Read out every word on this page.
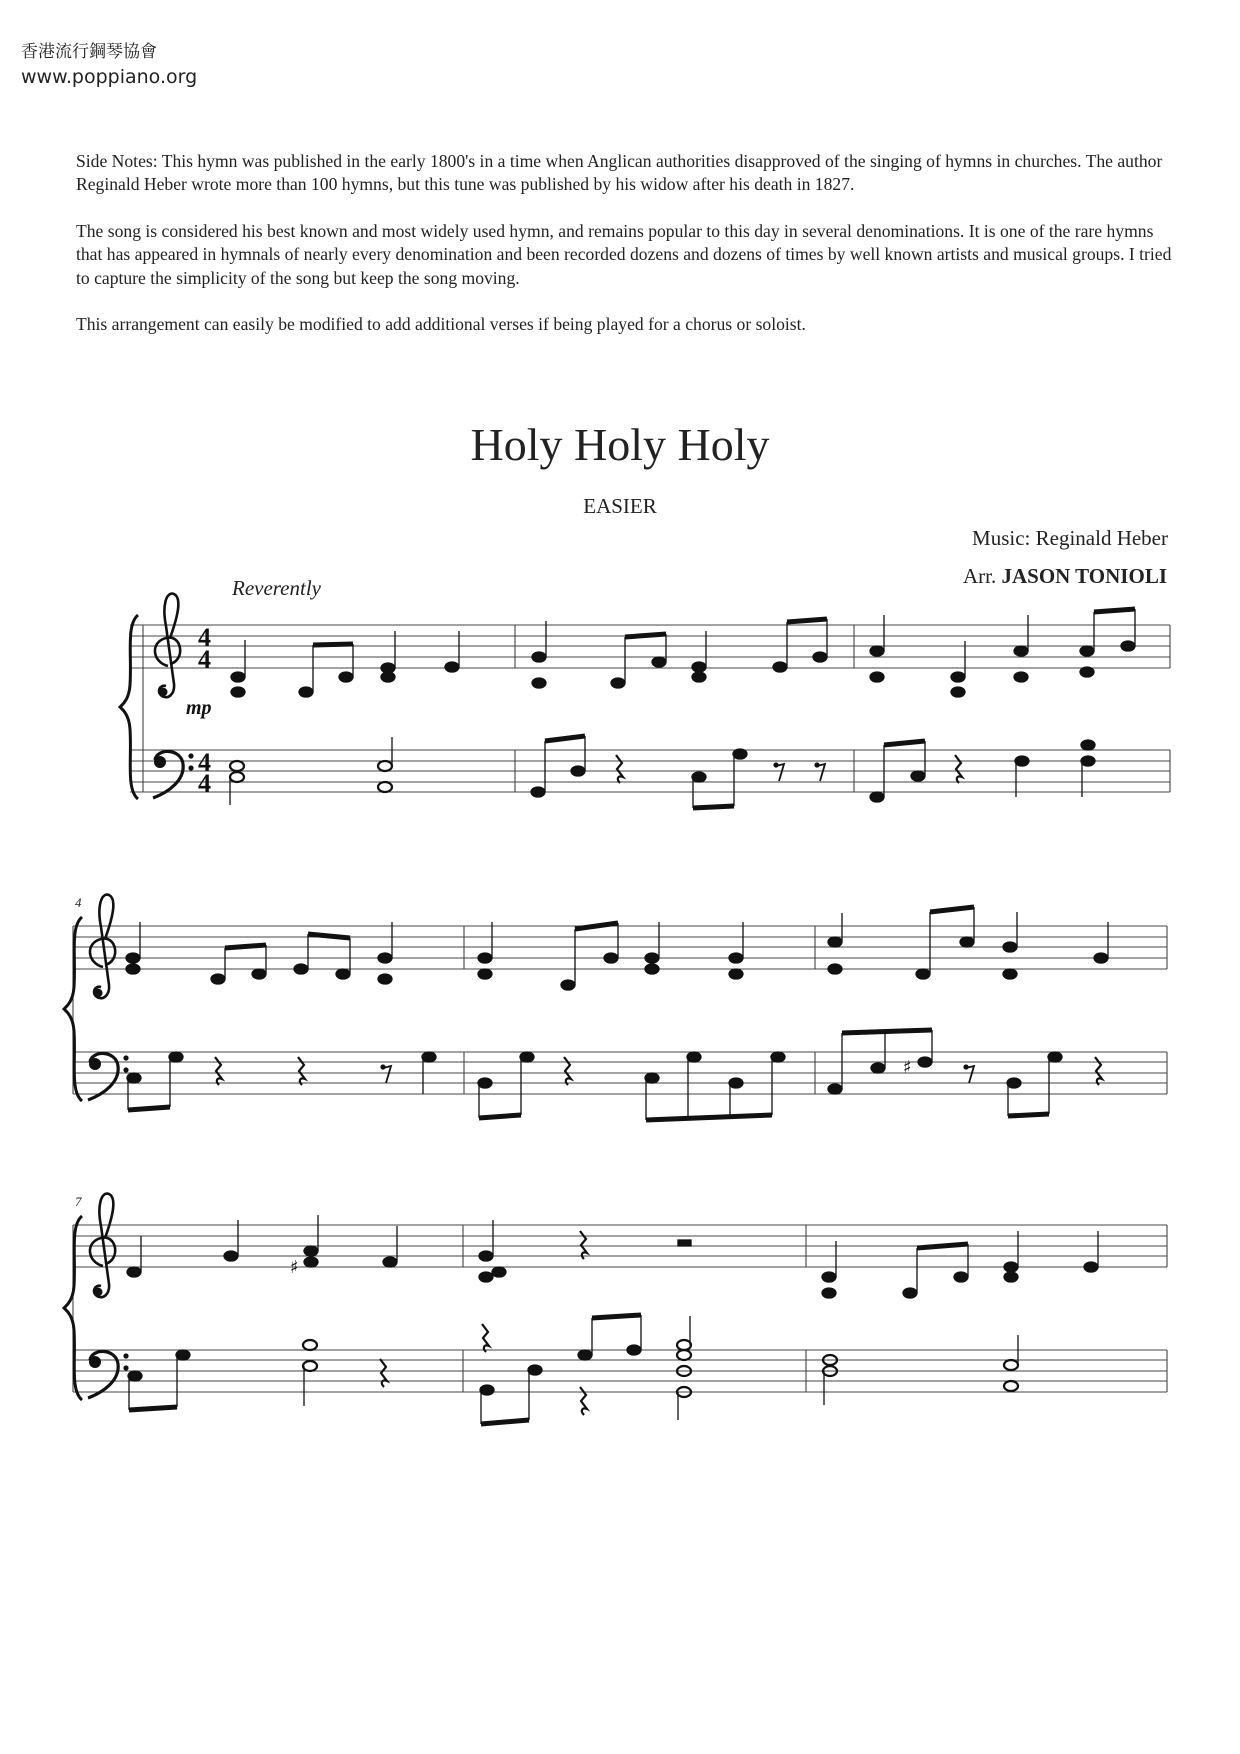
香港流行鋼琴協會
www.poppiano.org

Side Notes: This hymn was published in the early 1800's in a time when Anglican authorities disapproved of the singing of hymns in churches. The author Reginald Heber wrote more than 100 hymns, but this tune was published by his widow after his death in 1827.

The song is considered his best known and most widely used hymn, and remains popular to this day in several denominations. It is one of the rare hymns that has appeared in hymnals of nearly every denomination and been recorded dozens and dozens of times by well known artists and musical groups. I tried to capture the simplicity of the song but keep the song moving.

This arrangement can easily be modified to add additional verses if being played for a chorus or soloist.

Holy Holy Holy
EASIER
Music: Reginald Heber
Arr. JASON TONIOLI
Reverently
4
4
4
4
mp
4
♯
7
♯
